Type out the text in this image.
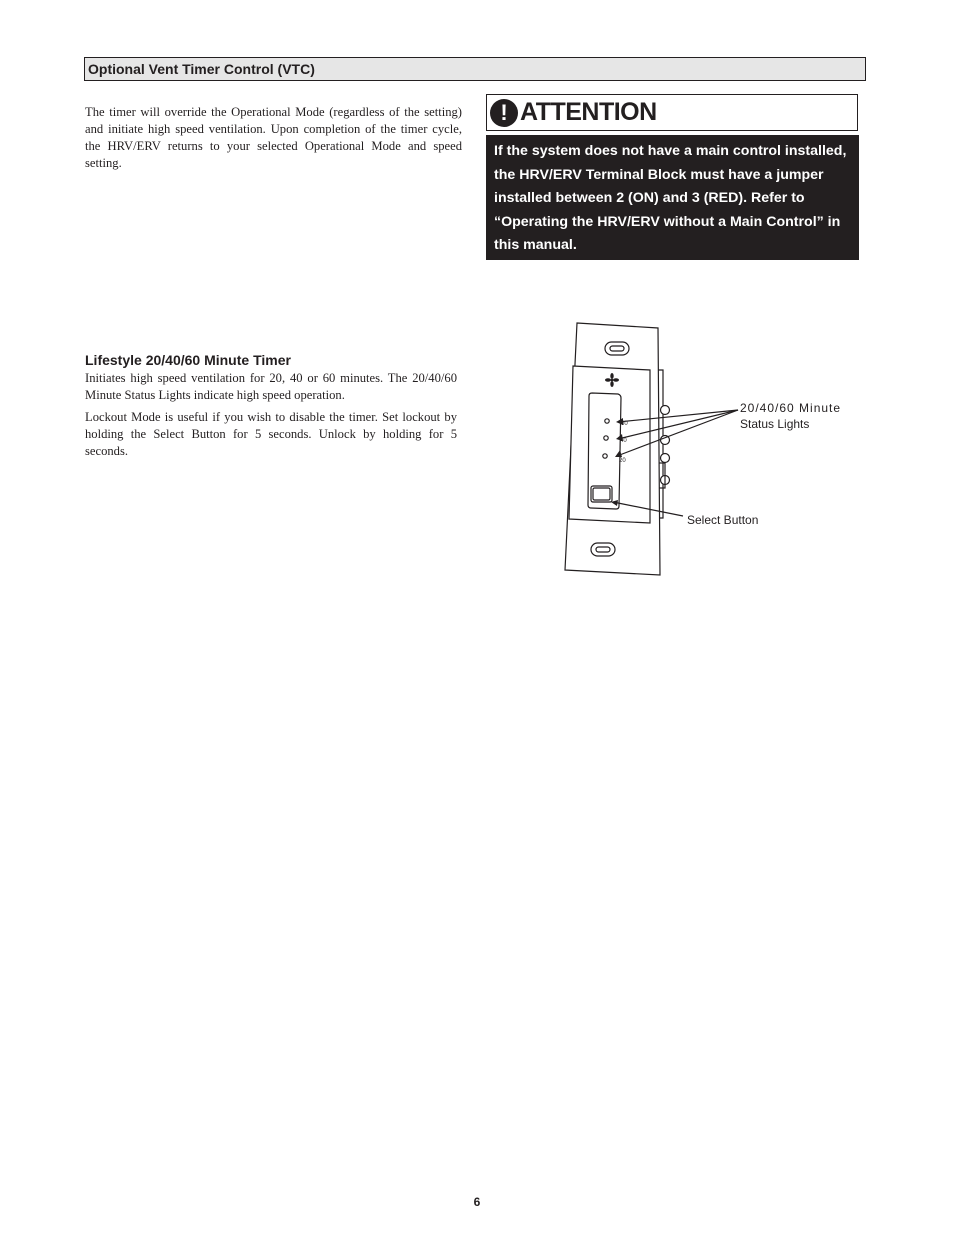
Optional Vent Timer Control (VTC)

The timer will override the Operational Mode (regardless of the setting) and initiate high speed ventilation. Upon completion of the timer cycle, the HRV/ERV returns to your selected Operational Mode and speed setting.

! ATTENTION
If the system does not have a main control installed, the HRV/ERV Terminal Block must have a jumper installed between 2 (ON) and 3 (RED). Refer to “Operating the HRV/ERV without a Main Control” in this manual.
Lifestyle 20/40/60 Minute Timer

Initiates high speed ventilation for 20, 40 or 60 minutes. The 20/40/60 Minute Status Lights indicate high speed operation.

Lockout Mode is useful if you wish to disable the timer. Set lockout by holding the Select Button for 5 seconds. Unlock by holding for 5 seconds.

60
40
20
20/40/60 Minute
Status Lights
Select Button
6
